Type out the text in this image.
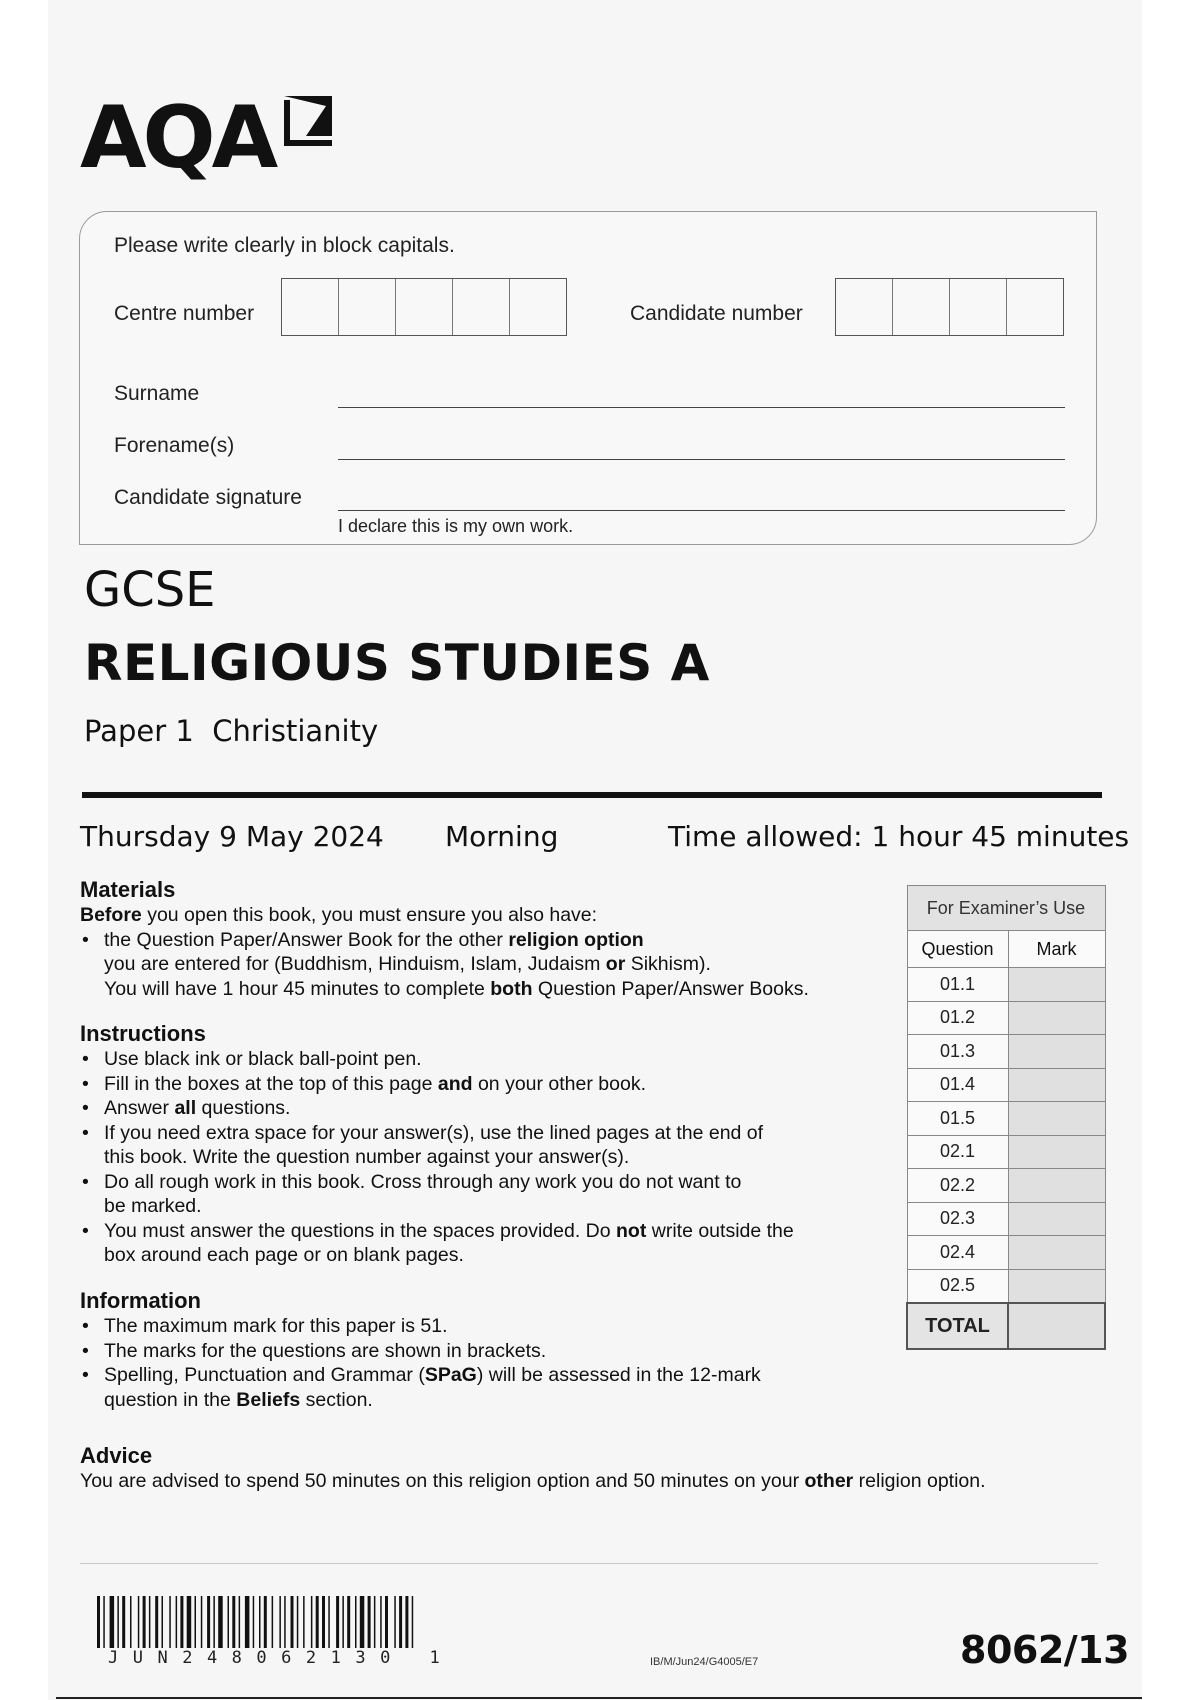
AQA
Please write clearly in block capitals.
Centre number	Candidate number
Surname
Forename(s)
Candidate signature
I declare this is my own work.
GCSE
RELIGIOUS STUDIES A
Paper 1 Christianity
Thursday 9 May 2024 Morning	Time allowed: 1 hour 45 minutes
Materials
Before you open this book, you must ensure you also have:
• the Question Paper/Answer Book for the other religion option
you are entered for (Buddhism, Hinduism, Islam, Judaism or Sikhism).
You will have 1 hour 45 minutes to complete both Question Paper/Answer Books.
Instructions
• Use black ink or black ball-point pen.
• Fill in the boxes at the top of this page and on your other book.
• Answer all questions.
• If you need extra space for your answer(s), use the lined pages at the end of
this book. Write the question number against your answer(s).
• Do all rough work in this book. Cross through any work you do not want to
be marked.
• You must answer the questions in the spaces provided. Do not write outside the
box around each page or on blank pages.
Information
• The maximum mark for this paper is 51.
• The marks for the questions are shown in brackets.
• Spelling, Punctuation and Grammar (SPaG) will be assessed in the 12-mark
question in the Beliefs section.
Advice
You are advised to spend 50 minutes on this religion option and 50 minutes on your other religion option.
For Examiner’s Use	
Question	Mark
01.1	
01.2	
01.3	
01.4	
01.5	
02.1	
02.2	
02.3	
02.4	
02.5	
TOTAL	
JUN248062130 1	IB/M/Jun24/G4005/E7	8062/13
